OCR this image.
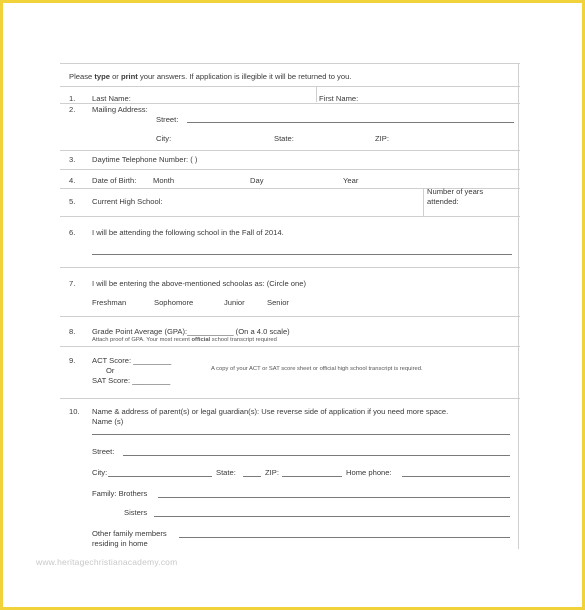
Please type or print your answers. If application is illegible it will be returned to you.
1. Last Name:	First Name:
2. Mailing Address:
Street:
City:	State:	ZIP:
3. Daytime Telephone Number: ( )
4. Date of Birth: Month	Day	Year
5. Current High School:
Number of years
attended:
6. I will be attending the following school in the Fall of 2014.
7. I will be entering the above-mentioned schoolas as: (Circle one)
Freshman	Sophomore	Junior	Senior
8. Grade Point Average (GPA):___________ (On a 4.0 scale)
Attach proof of GPA. Your most recent official school transcript required
9. ACT Score: _________
Or
SAT Score: _________
A copy of your ACT or SAT score sheet or official high school transcript is required.
10. Name & address of parent(s) or legal guardian(s): Use reverse side of application if you need more space.
Name (s)
Street:
City:	State:	ZIP:	Home phone:
Family: Brothers
Sisters
Other family members
residing in home
www.heritagechristianacademy.com
